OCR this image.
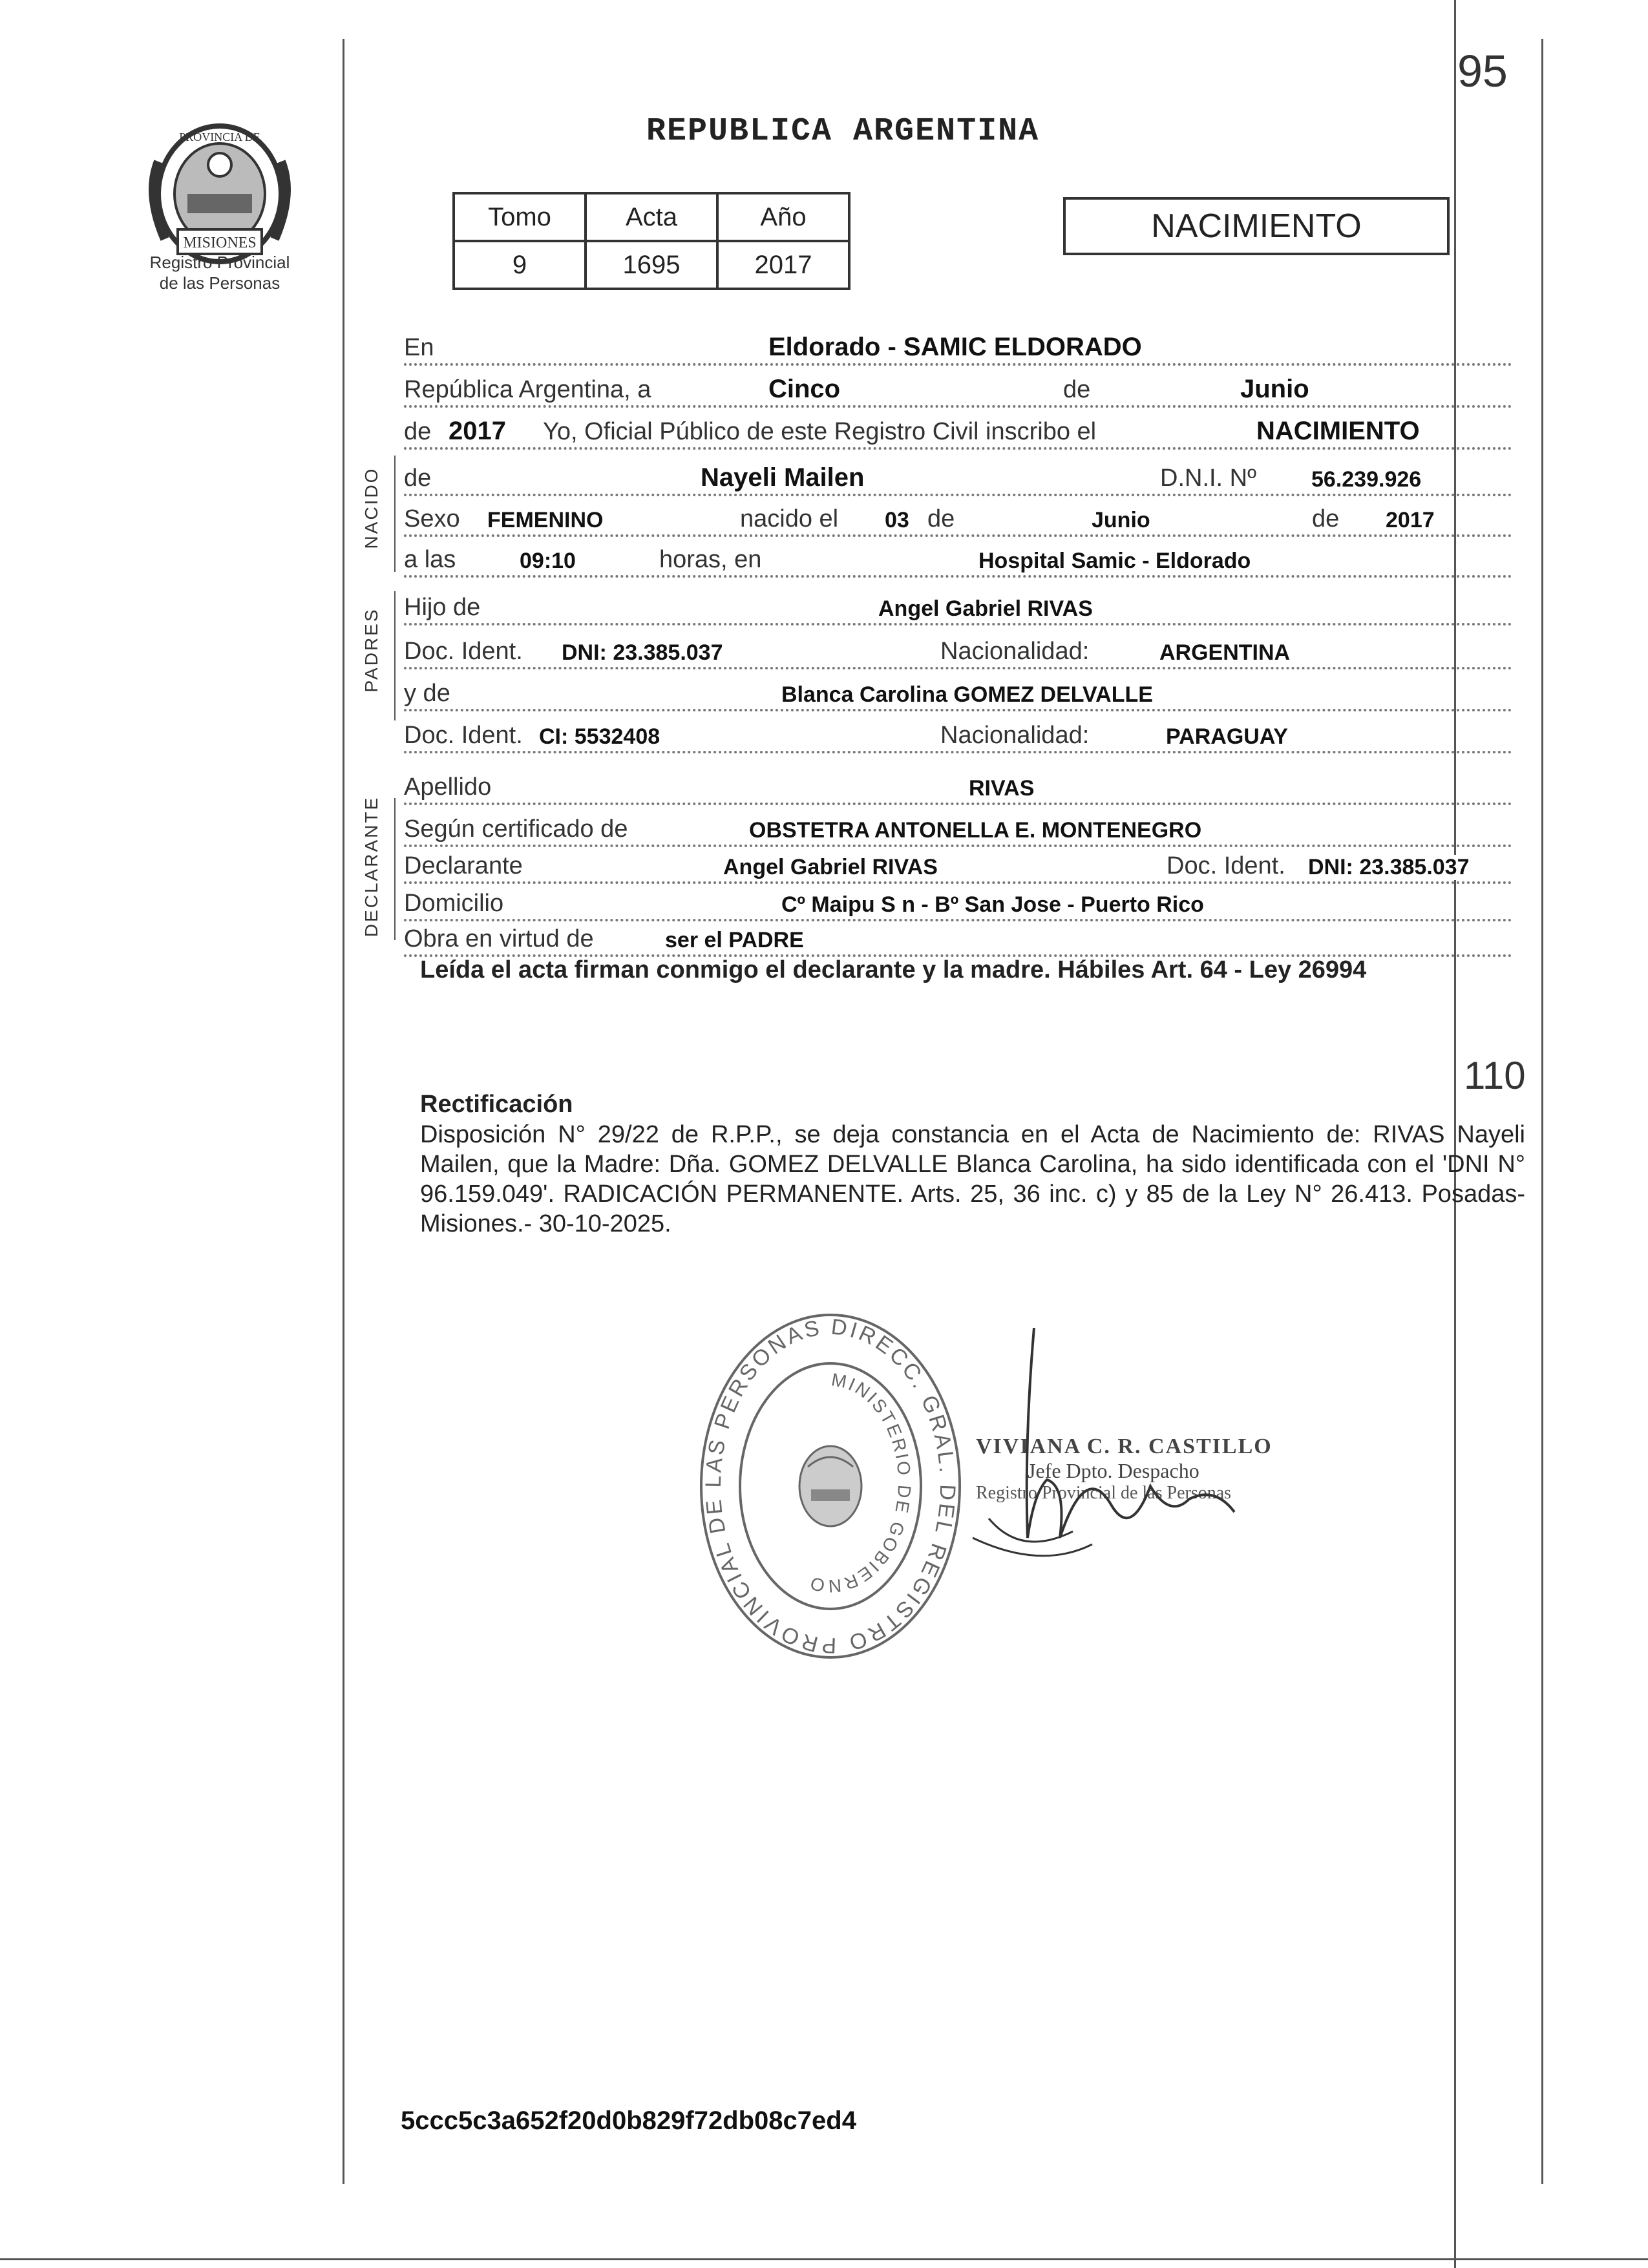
MISIONES
PROVINCIA DE
Registro Provincial
de las Personas
REPUBLICA ARGENTINA
95
Tomo	Acta	Año
9	1695	2017
NACIMIENTO
NACIDO
PADRES
DECLARANTE
En	Eldorado - SAMIC ELDORADO
República Argentina, a	Cinco	de	Junio
de 2017 Yo, Oficial Público de este Registro Civil inscribo el	NACIMIENTO
de	Nayeli Mailen	D.N.I. Nº	56.239.926
Sexo FEMENINO	nacido el 03 de	Junio	de 2017
a las	09:10	horas, en	Hospital Samic - Eldorado
Hijo de	Angel Gabriel RIVAS
Doc. Ident. DNI: 23.385.037	Nacionalidad:	ARGENTINA
y de	Blanca Carolina GOMEZ DELVALLE
Doc. Ident. CI: 5532408	Nacionalidad:	PARAGUAY
Apellido	RIVAS
Según certificado de	OBSTETRA ANTONELLA E. MONTENEGRO
Declarante	Angel Gabriel RIVAS	Doc. Ident. DNI: 23.385.037
Domicilio	Cº Maipu S n - Bº San Jose - Puerto Rico
Obra en virtud de	ser el PADRE
Leída el acta firman conmigo el declarante y la madre. Hábiles Art. 64 - Ley 26994
110
Rectificación
Disposición N° 29/22 de R.P.P., se deja constancia en el Acta de Nacimiento de: RIVAS Nayeli Mailen, que la Madre: Dña. GOMEZ DELVALLE Blanca Carolina, ha sido identificada con el 'DNI N° 96.159.049'. RADICACIÓN PERMANENTE. Arts. 25, 36 inc. c) y 85 de la Ley N° 26.413. Posadas- Misiones.- 30-10-2025.
DIRECC. GRAL. DEL REGISTRO PROVINCIAL DE LAS PERSONAS
MINISTERIO DE GOBIERNO
VIVIANA C. R. CASTILLO
Jefe Dpto. Despacho
Registro Provincial de las Personas
5ccc5c3a652f20d0b829f72db08c7ed4
